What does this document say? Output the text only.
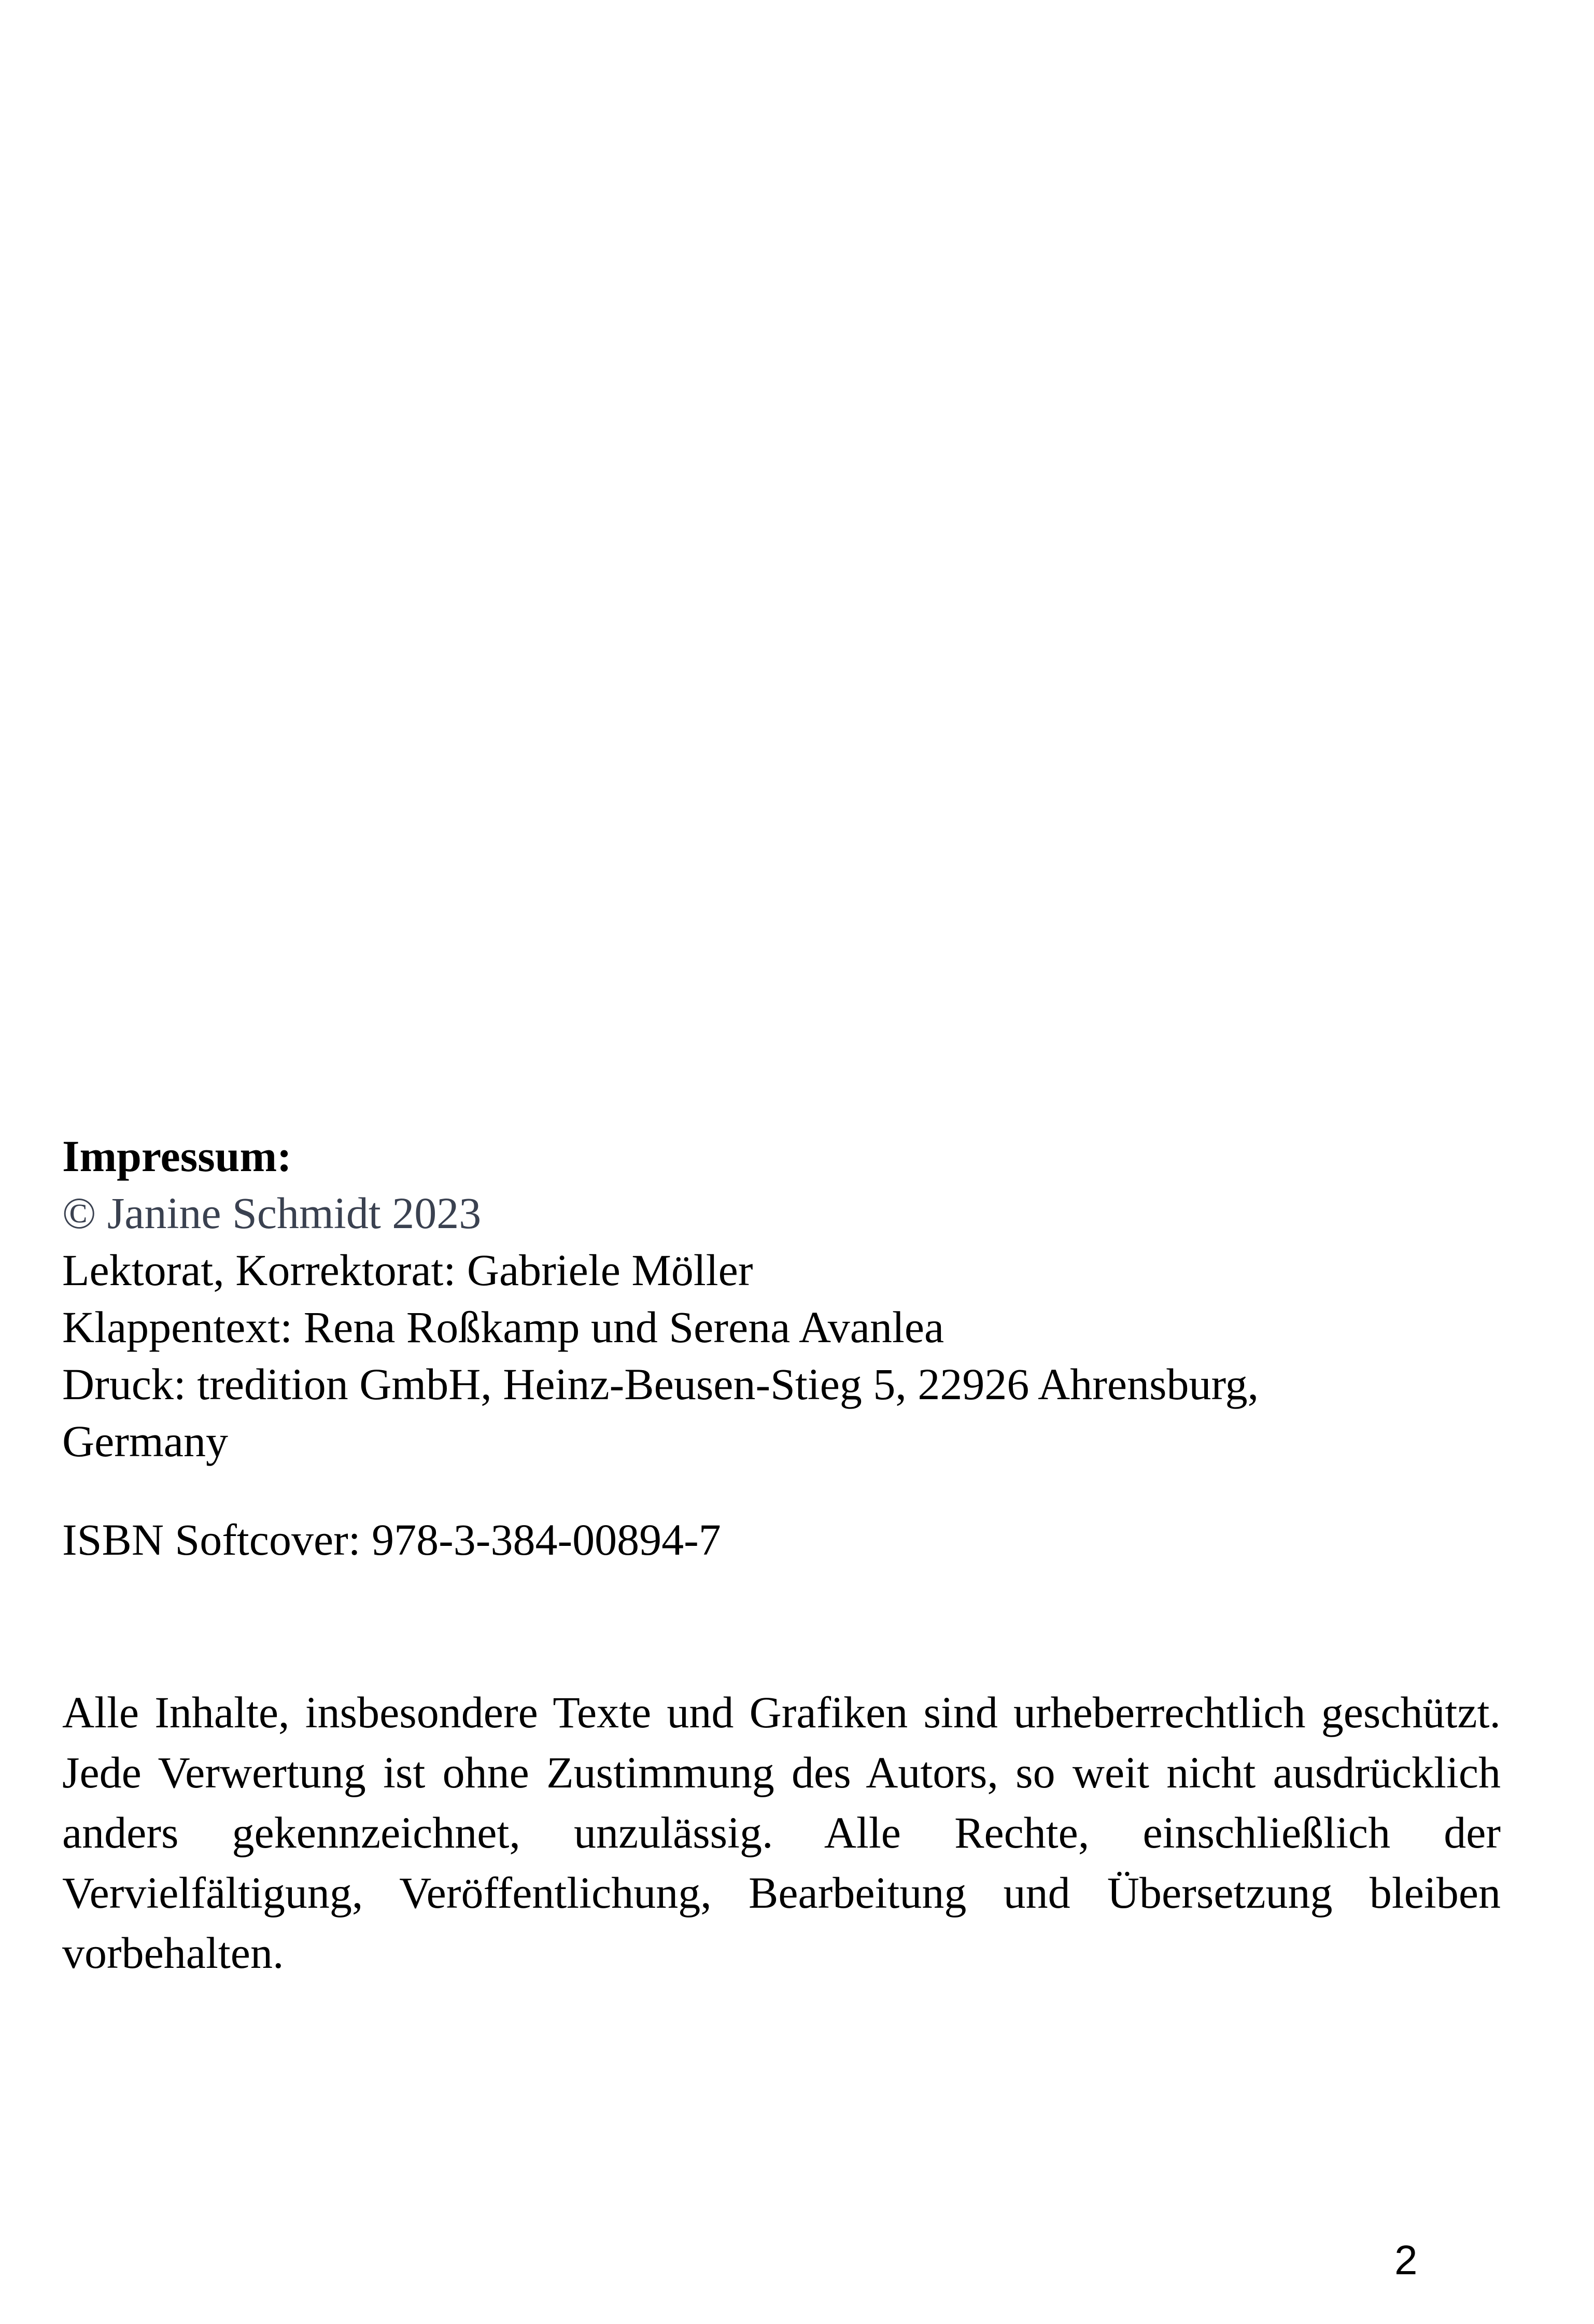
Impressum:
© Janine Schmidt 2023
Lektorat, Korrektorat: Gabriele Möller
Klappentext: Rena Roßkamp und Serena Avanlea
Druck: tredition GmbH, Heinz-Beusen-Stieg 5, 22926 Ahrensburg,
Germany
ISBN Softcover: 978-3-384-00894-7
Alle Inhalte, insbesondere Texte und Grafiken sind urheberrechtlich geschützt. Jede Verwertung ist ohne Zustimmung des Autors, so weit nicht ausdrücklich anders gekennzeichnet, unzulässig. Alle Rechte, einschließlich der Vervielfältigung, Veröffentlichung, Bearbeitung und Übersetzung bleiben vorbehalten.
2
